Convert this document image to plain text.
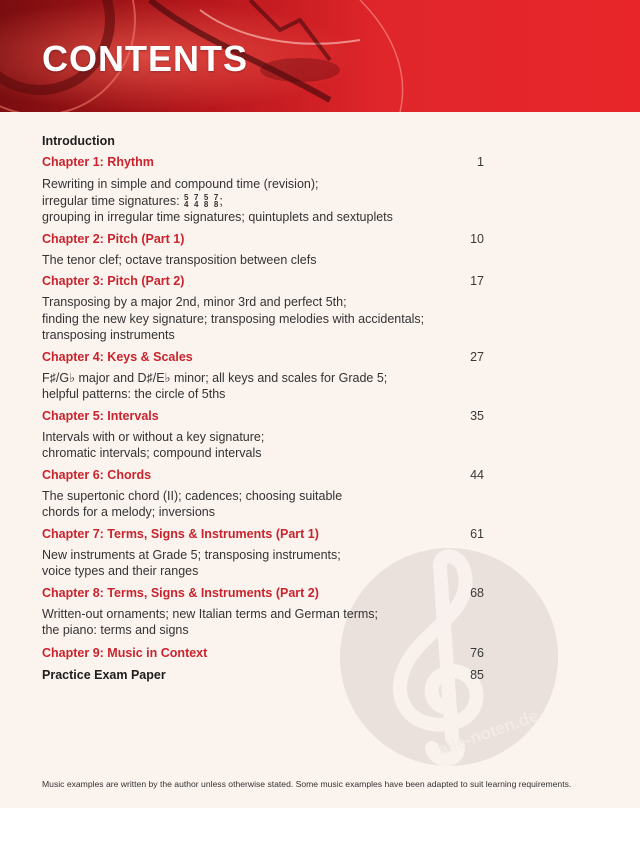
CONTENTS
alle-noten.de
Introduction
Chapter 1: Rhythm	1
Rewriting in simple and compound time (revision);
irregular time signatures: 5
4

7
4

5
8

7
8 ;
grouping in irregular time signatures; quintuplets and sextuplets
Chapter 2: Pitch (Part 1)	10
The tenor clef; octave transposition between clefs
Chapter 3: Pitch (Part 2)	17
Transposing by a major 2nd, minor 3rd and perfect 5th;
finding the new key signature; transposing melodies with accidentals;
transposing instruments
Chapter 4: Keys & Scales	27
F♯/G♭ major and D♯/E♭ minor; all keys and scales for Grade 5;
helpful patterns: the circle of 5ths
Chapter 5: Intervals	35
Intervals with or without a key signature;
chromatic intervals; compound intervals
Chapter 6: Chords	44
The supertonic chord (II); cadences; choosing suitable
chords for a melody; inversions
Chapter 7: Terms, Signs & Instruments (Part 1)	61
New instruments at Grade 5; transposing instruments;
voice types and their ranges
Chapter 8: Terms, Signs & Instruments (Part 2)	68
Written-out ornaments; new Italian terms and German terms;
the piano: terms and signs
Chapter 9: Music in Context	76
Practice Exam Paper	85
Music examples are written by the author unless otherwise stated. Some music examples have been adapted to suit learning requirements.
